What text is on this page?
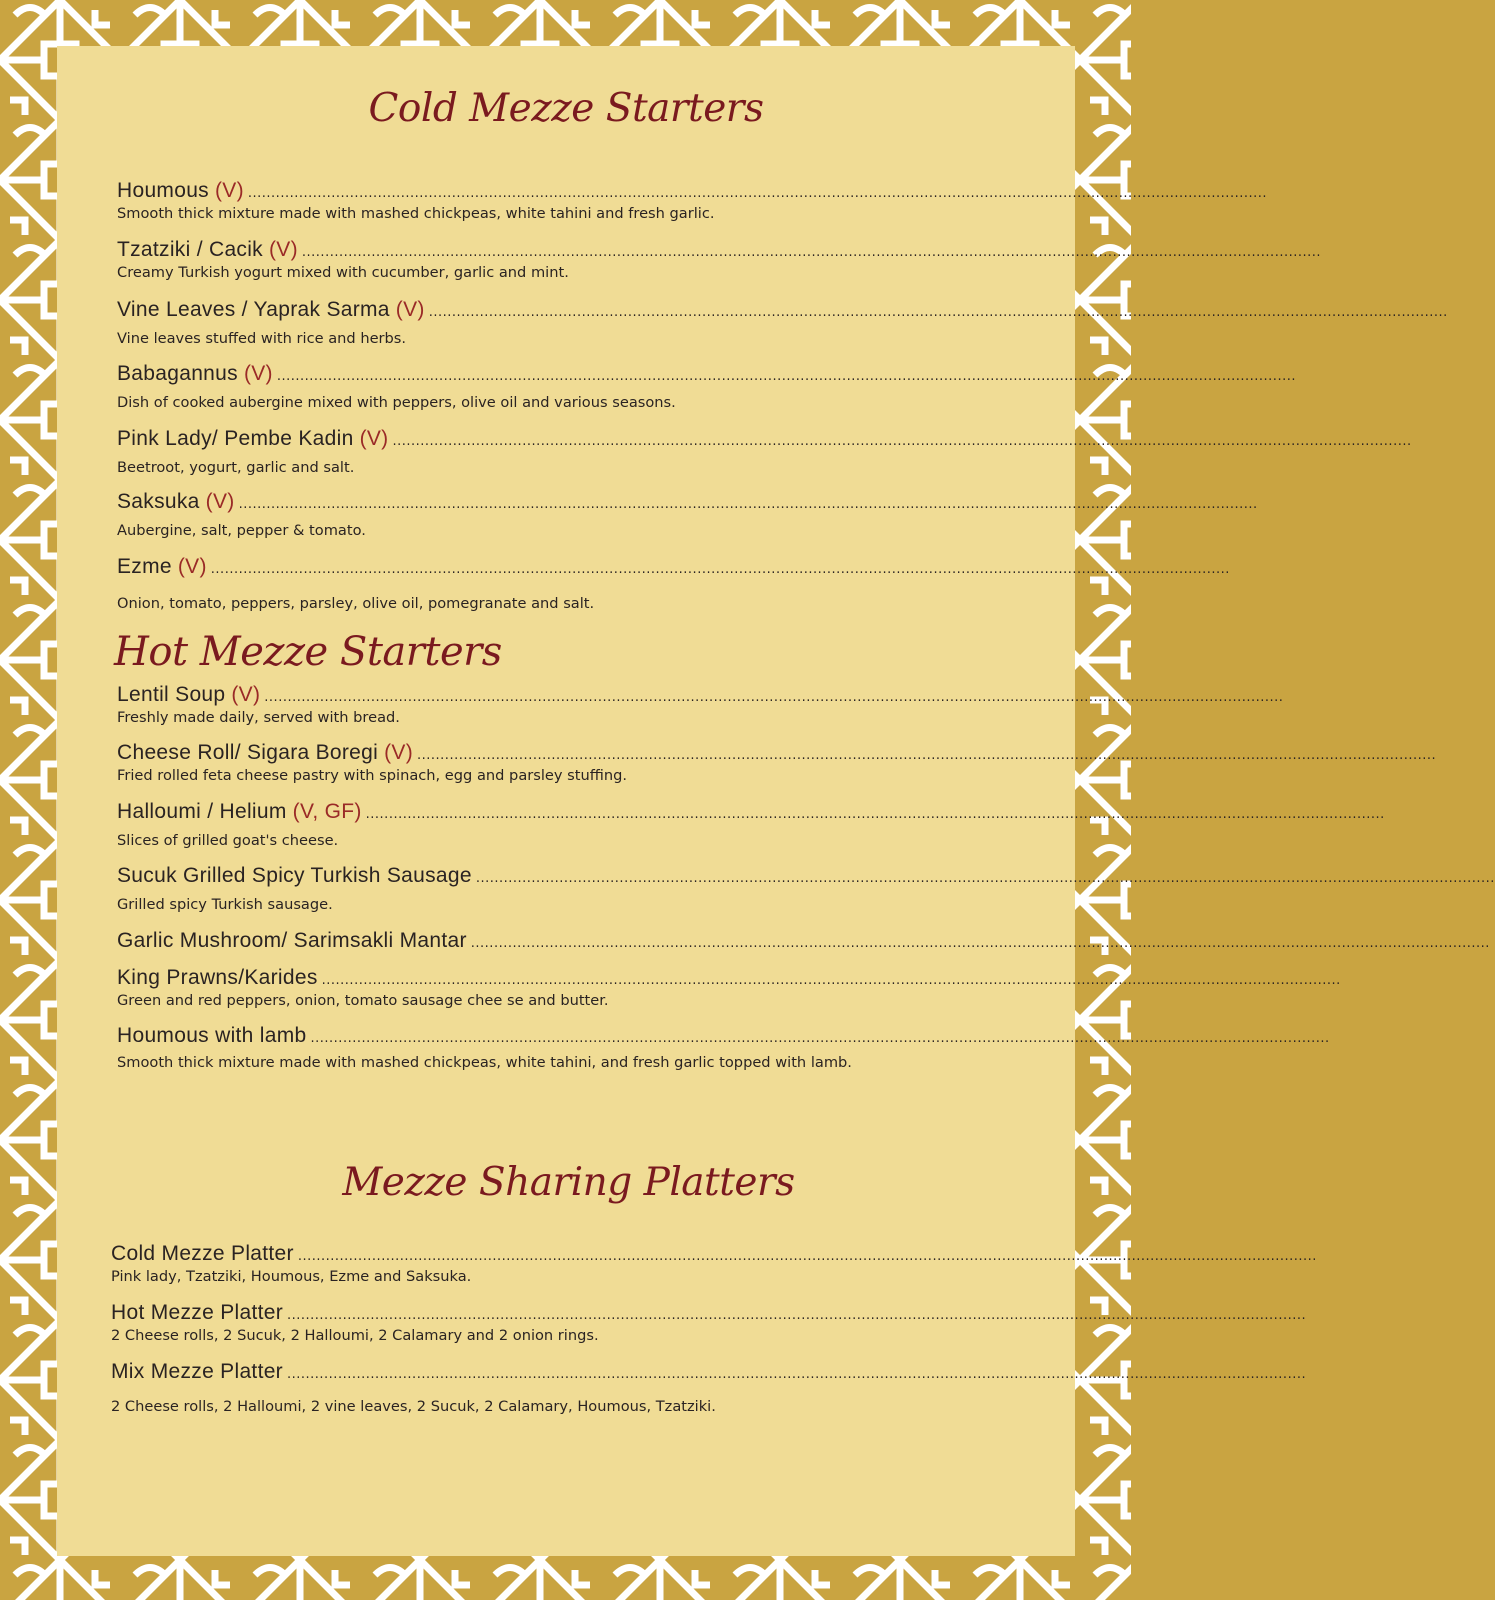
Cold Mezze Starters
Houmous (V) ............................................................................................................................................................................................................................
Smooth thick mixture made with mashed chickpeas, white tahini and fresh garlic.
Tzatziki / Cacik (V) ............................................................................................................................................................................................................................
Creamy Turkish yogurt mixed with cucumber, garlic and mint.
Vine Leaves / Yaprak Sarma (V) ............................................................................................................................................................................................................................
Vine leaves stuffed with rice and herbs.
Babagannus (V) ............................................................................................................................................................................................................................
Dish of cooked aubergine mixed with peppers, olive oil and various seasons.
Pink Lady/ Pembe Kadin (V) ............................................................................................................................................................................................................................
Beetroot, yogurt, garlic and salt.
Saksuka (V) ............................................................................................................................................................................................................................
Aubergine, salt, pepper & tomato.
Ezme (V) ............................................................................................................................................................................................................................
Onion, tomato, peppers, parsley, olive oil, pomegranate and salt.
Hot Mezze Starters
Lentil Soup (V) ............................................................................................................................................................................................................................
Freshly made daily, served with bread.
Cheese Roll/ Sigara Boregi (V) ............................................................................................................................................................................................................................
Fried rolled feta cheese pastry with spinach, egg and parsley stuffing.
Halloumi / Helium (V, GF) ............................................................................................................................................................................................................................
Slices of grilled goat's cheese.
Sucuk Grilled Spicy Turkish Sausage ............................................................................................................................................................................................................................
Grilled spicy Turkish sausage.
Garlic Mushroom/ Sarimsakli Mantar ............................................................................................................................................................................................................................
King Prawns/Karides ............................................................................................................................................................................................................................
Green and red peppers, onion, tomato sausage chee se and butter.
Houmous with lamb ............................................................................................................................................................................................................................
Smooth thick mixture made with mashed chickpeas, white tahini, and fresh garlic topped with lamb.
Mezze Sharing Platters
Cold Mezze Platter ............................................................................................................................................................................................................................
Pink lady, Tzatziki, Houmous, Ezme and Saksuka.
Hot Mezze Platter ............................................................................................................................................................................................................................
2 Cheese rolls, 2 Sucuk, 2 Halloumi, 2 Calamary and 2 onion rings.
Mix Mezze Platter ............................................................................................................................................................................................................................
2 Cheese rolls, 2 Halloumi, 2 vine leaves, 2 Sucuk, 2 Calamary, Houmous, Tzatziki.
